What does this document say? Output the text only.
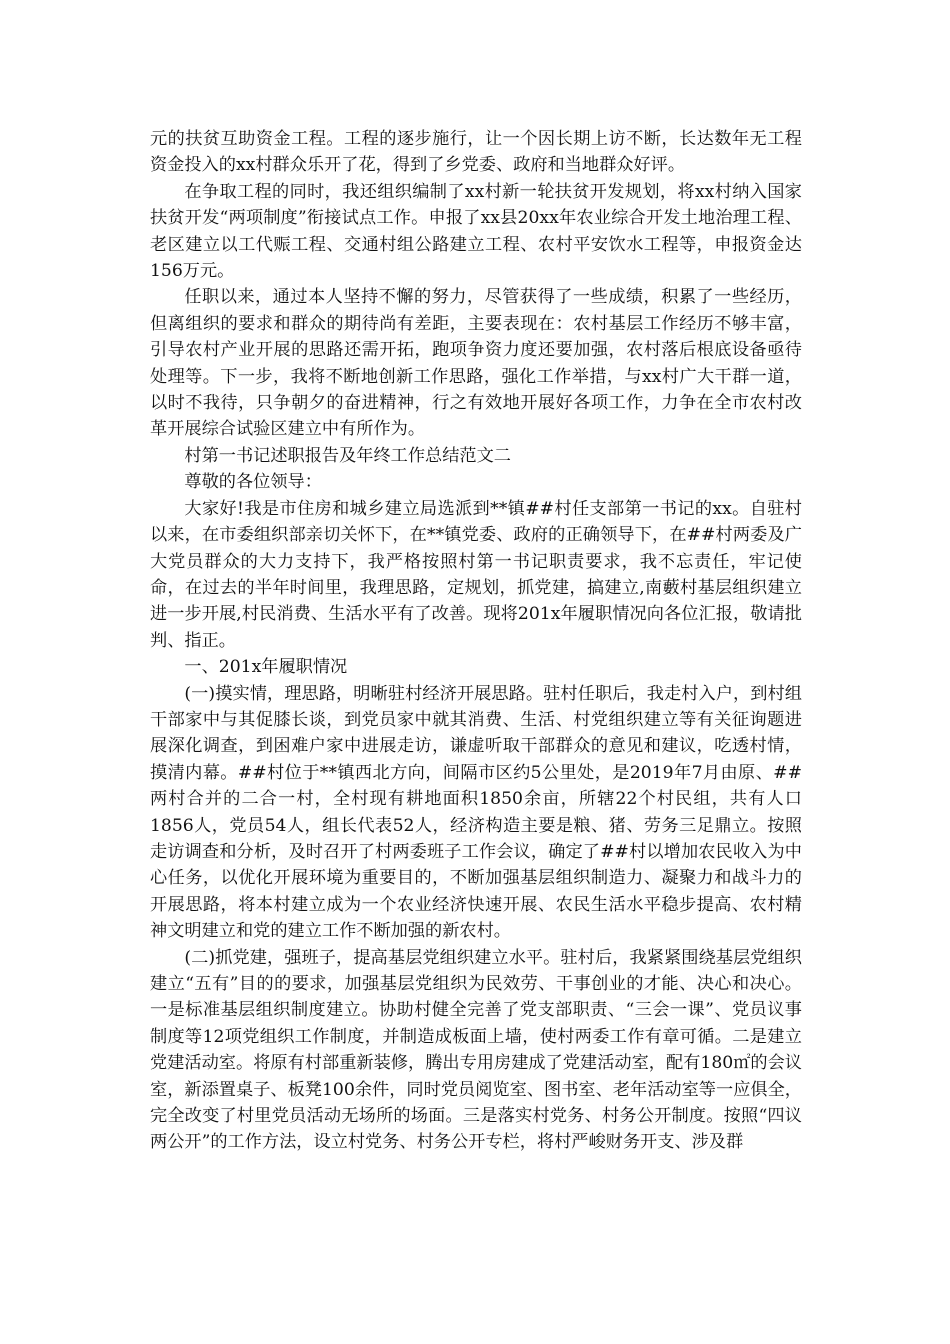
元的扶贫互助资金工程。工程的逐步施行，让一个因长期上访不断，长达数年无工程资金投入的xx村群众乐开了花，得到了乡党委、政府和当地群众好评。

在争取工程的同时，我还组织编制了xx村新一轮扶贫开发规划，将xx村纳入国家扶贫开发“两项制度”衔接试点工作。申报了xx县20xx年农业综合开发土地治理工程、老区建立以工代赈工程、交通村组公路建立工程、农村平安饮水工程等，申报资金达156万元。

任职以来，通过本人坚持不懈的努力，尽管获得了一些成绩，积累了一些经历，但离组织的要求和群众的期待尚有差距，主要表现在：农村基层工作经历不够丰富，引导农村产业开展的思路还需开拓，跑项争资力度还要加强，农村落后根底设备亟待处理等。下一步，我将不断地创新工作思路，强化工作举措，与xx村广大干群一道，以时不我待，只争朝夕的奋进精神，行之有效地开展好各项工作，力争在全市农村改革开展综合试验区建立中有所作为。

村第一书记述职报告及年终工作总结范文二

尊敬的各位领导：

大家好!我是市住房和城乡建立局选派到**镇##村任支部第一书记的xx。自驻村以来，在市委组织部亲切关怀下，在**镇党委、政府的正确领导下，在##村两委及广大党员群众的大力支持下，我严格按照村第一书记职责要求，我不忘责任，牢记使命，在过去的半年时间里，我理思路，定规划，抓党建，搞建立,南藪村基层组织建立进一步开展,村民消费、生活水平有了改善。现将201x年履职情况向各位汇报，敬请批判、指正。

一、201x年履职情况

(一)摸实情，理思路，明晰驻村经济开展思路。驻村任职后，我走村入户，到村组干部家中与其促膝长谈，到党员家中就其消费、生活、村党组织建立等有关征询题进展深化调查，到困难户家中进展走访，谦虚听取干部群众的意见和建议，吃透村情，摸清内幕。##村位于**镇西北方向，间隔市区约5公里处，是2019年7月由原、##两村合并的二合一村，全村现有耕地面积1850余亩，所辖22个村民组，共有人口1856人，党员54人，组长代表52人，经济构造主要是粮、猪、劳务三足鼎立。按照走访调查和分析，及时召开了村两委班子工作会议，确定了##村以增加农民收入为中心任务，以优化开展环境为重要目的，不断加强基层组织制造力、凝聚力和战斗力的开展思路，将本村建立成为一个农业经济快速开展、农民生活水平稳步提高、农村精神文明建立和党的建立工作不断加强的新农村。

(二)抓党建，强班子，提高基层党组织建立水平。驻村后，我紧紧围绕基层党组织建立“五有”目的的要求，加强基层党组织为民效劳、干事创业的才能、决心和决心。一是标准基层组织制度建立。协助村健全完善了党支部职责、“三会一课”、党员议事制度等12项党组织工作制度，并制造成板面上墙，使村两委工作有章可循。二是建立党建活动室。将原有村部重新装修，腾出专用房建成了党建活动室，配有180㎡的会议室，新添置桌子、板凳100余件，同时党员阅览室、图书室、老年活动室等一应俱全，完全改变了村里党员活动无场所的场面。三是落实村党务、村务公开制度。按照“四议两公开”的工作方法，设立村党务、村务公开专栏，将村严峻财务开支、涉及群
